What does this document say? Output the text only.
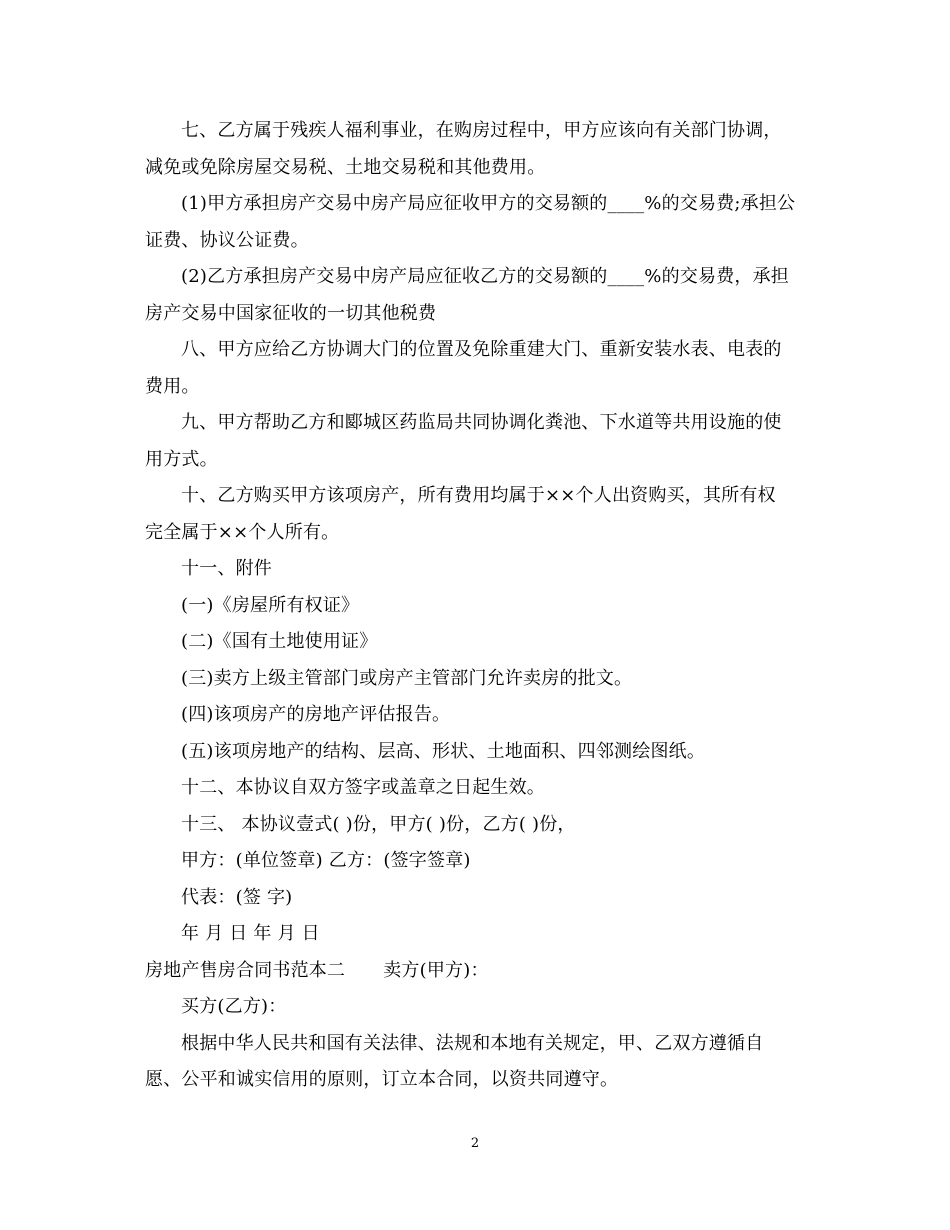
七、乙方属于残疾人福利事业，在购房过程中，甲方应该向有关部门协调，
减免或免除房屋交易税、土地交易税和其他费用。
(1)甲方承担房产交易中房产局应征收甲方的交易额的____%的交易费;承担公
证费、协议公证费。
(2)乙方承担房产交易中房产局应征收乙方的交易额的____%的交易费，承担
房产交易中国家征收的一切其他税费
八、甲方应给乙方协调大门的位置及免除重建大门、重新安装水表、电表的
费用。
九、甲方帮助乙方和郾城区药监局共同协调化粪池、下水道等共用设施的使
用方式。
十、乙方购买甲方该项房产，所有费用均属于××个人出资购买，其所有权
完全属于××个人所有。
十一、附件
(一)《房屋所有权证》
(二)《国有土地使用证》
(三)卖方上级主管部门或房产主管部门允许卖房的批文。
(四)该项房产的房地产评估报告。
(五)该项房地产的结构、层高、形状、土地面积、四邻测绘图纸。
十二、本协议自双方签字或盖章之日起生效。
十三、 本协议壹式( )份，甲方( )份，乙方( )份，
甲方：(单位签章) 乙方：(签字签章)
代表：(签 字)
年 月 日 年 月 日
房地产售房合同书范本二 卖方(甲方)：
买方(乙方)：
根据中华人民共和国有关法律、法规和本地有关规定，甲、乙双方遵循自
愿、公平和诚实信用的原则，订立本合同，以资共同遵守。
2
